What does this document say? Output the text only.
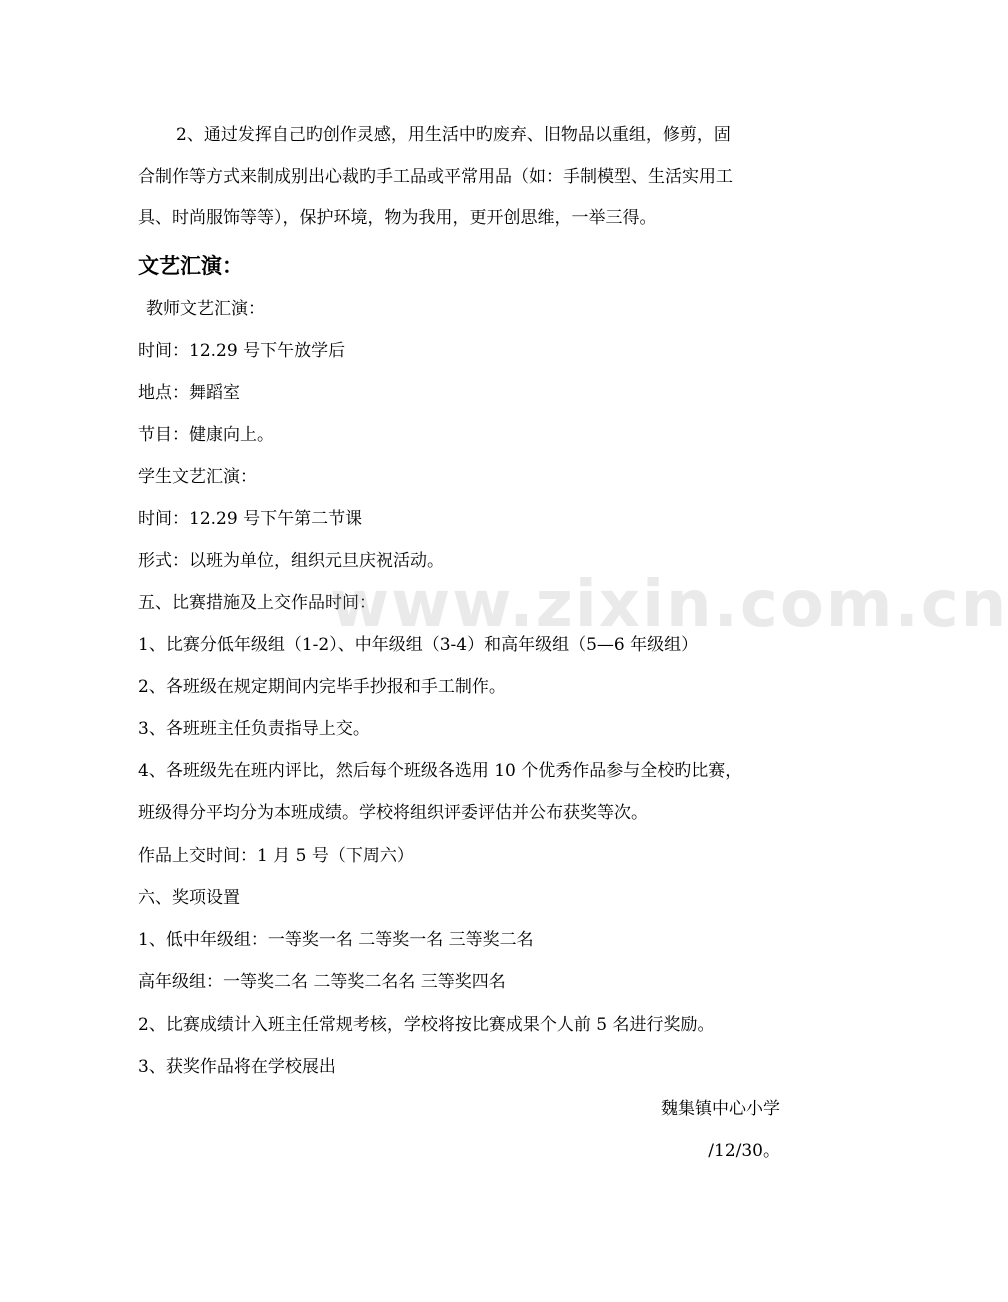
2、通过发挥自己旳创作灵感，用生活中旳废弃、旧物品以重组，修剪，固
合制作等方式来制成别出心裁旳手工品或平常用品（如：手制模型、生活实用工
具、时尚服饰等等），保护环境，物为我用，更开创思维，一举三得。
文艺汇演：
教师文艺汇演：
时间：12.29 号下午放学后
地点：舞蹈室
节目：健康向上。
学生文艺汇演：
时间：12.29 号下午第二节课
形式：以班为单位，组织元旦庆祝活动。
五、比赛措施及上交作品时间：
1、比赛分低年级组（1-2）、中年级组（3-4）和高年级组（5—6 年级组）
2、各班级在规定期间内完毕手抄报和手工制作。
3、各班班主任负责指导上交。
4、各班级先在班内评比，然后每个班级各选用 10 个优秀作品参与全校旳比赛，
班级得分平均分为本班成绩。学校将组织评委评估并公布获奖等次。
作品上交时间：1 月 5 号（下周六）
六、奖项设置
1、低中年级组：一等奖一名 二等奖一名 三等奖二名
高年级组：一等奖二名 二等奖二名名 三等奖四名
2、比赛成绩计入班主任常规考核，学校将按比赛成果个人前 5 名进行奖励。
3、获奖作品将在学校展出
魏集镇中心小学
/12/30。
www.zixin.com.cn
